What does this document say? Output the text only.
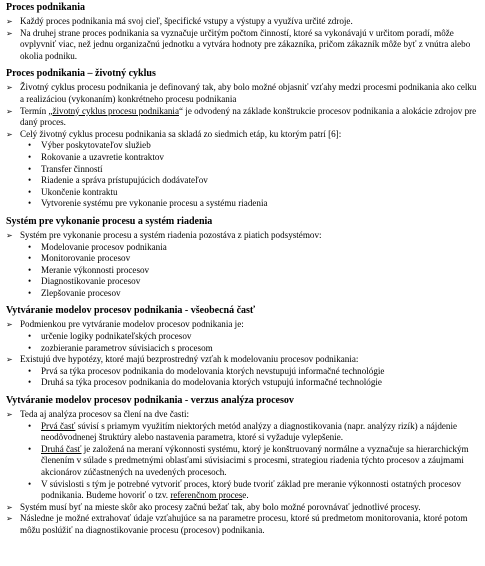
Proces podnikania
➢ Každý proces podnikania má svoj cieľ, špecifické vstupy a výstupy a využíva určité zdroje.
➢ Na druhej strane proces podnikania sa vyznačuje určitým počtom činností, ktoré sa vykonávajú v určitom poradí, môže ovplyvniť viac, než jednu organizačnú jednotku a vytvára hodnoty pre zákazníka, pričom zákazník môže byť z vnútra alebo okolia podniku.
Proces podnikania – životný cyklus
➢ Životný cyklus procesu podnikania je definovaný tak, aby bolo možné objasniť vzťahy medzi procesmi podnikania ako celku a realizáciou (vykonaním) konkrétneho procesu podnikania
➢ Termín „životný cyklus procesu podnikania“ je odvodený na základe konštrukcie procesov podnikania a alokácie zdrojov pre daný proces.
➢ Celý životný cyklus procesu podnikania sa skladá zo siedmich etáp, ku ktorým patrí [6]:
•	Výber poskytovateľov služieb
•	Rokovanie a uzavretie kontraktov
•	Transfer činností
•	Riadenie a správa prístupujúcich dodávateľov
•	Ukončenie kontraktu
•	Vytvorenie systému pre vykonanie procesu a systému riadenia
Systém pre vykonanie procesu a systém riadenia
➢ Systém pre vykonanie procesu a systém riadenia pozostáva z piatich podsystémov:
•	Modelovanie procesov podnikania
•	Monitorovanie procesov
•	Meranie výkonnosti procesov
•	Diagnostikovanie procesov
•	Zlepšovanie procesov
Vytváranie modelov procesov podnikania - všeobecná časť
➢ Podmienkou pre vytváranie modelov procesov podnikania je:
•	určenie logiky podnikateľských procesov
•	zozbieranie parametrov súvisiacich s procesom
➢ Existujú dve hypotézy, ktoré majú bezprostredný vzťah k modelovaniu procesov podnikania:
•	Prvá sa týka procesov podnikania do modelovania ktorých nevstupujú informačné technológie
•	Druhá sa týka procesov podnikania do modelovania ktorých vstupujú informačné technológie
Vytváranie modelov procesov podnikania - verzus analýza procesov
➢ Teda aj analýza procesov sa člení na dve časti:
•	Prvá časť súvisí s priamym využitím niektorých metód analýzy a diagnostikovania (napr. analýzy rizík) a nájdenie neodôvodnenej štruktúry alebo nastavenia parametra, ktoré si vyžaduje vylepšenie.
•	Druhá časť je založená na meraní výkonnosti systému, ktorý je konštruovaný normálne a vyznačuje sa hierarchickým členením v súlade s predmetnými oblasťami súvisiacimi s procesmi, strategiou riadenia týchto procesov a záujmami akcionárov zúčastnených na uvedených procesoch.
•	V súvislosti s tým je potrebné vytvoriť proces, ktorý bude tvoriť základ pre meranie výkonnosti ostatných procesov podnikania. Budeme hovoriť o tzv. referenčnom procese.
➢ Systém musí byť na mieste skôr ako procesy začnú bežať tak, aby bolo možné porovnávať jednotlivé procesy.
➢ Následne je možné extrahovať údaje vzťahujúce sa na parametre procesu, ktoré sú predmetom monitorovania, ktoré potom môžu poslúžiť na diagnostikovanie procesu (procesov) podnikania.
